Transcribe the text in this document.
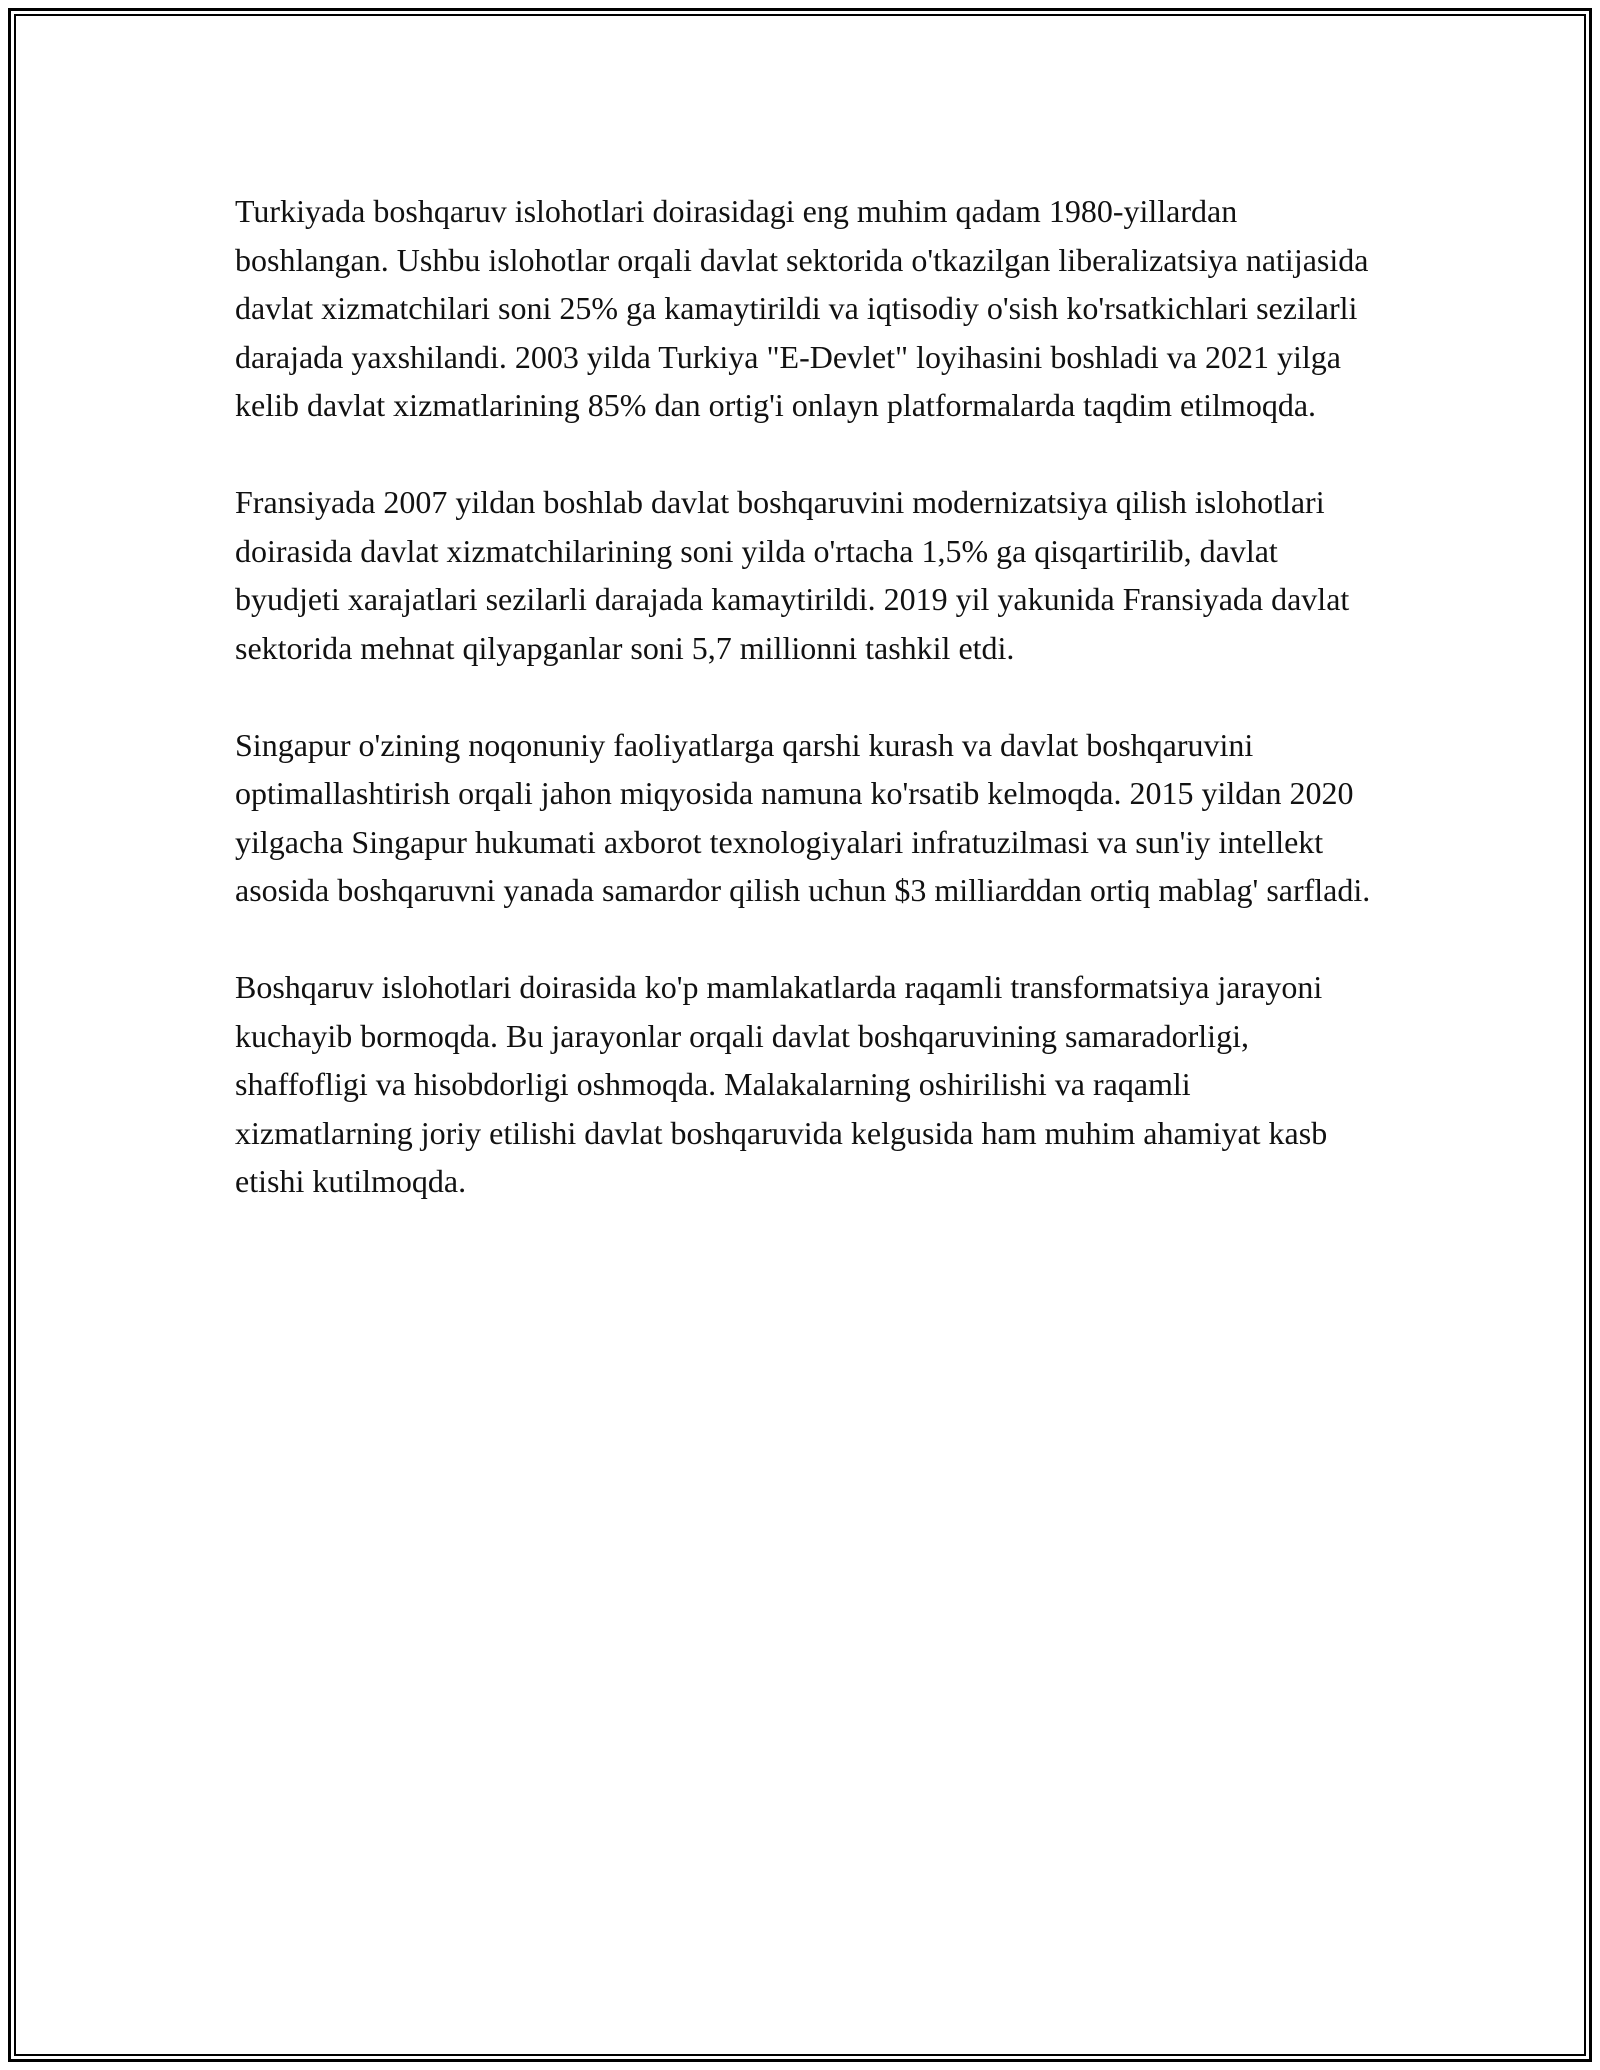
Turkiyada boshqaruv islohotlari doirasidagi eng muhim qadam 1980-yillardan boshlangan. Ushbu islohotlar orqali davlat sektorida o'tkazilgan liberalizatsiya natijasida davlat xizmatchilari soni 25% ga kamaytirildi va iqtisodiy o'sish ko'rsatkichlari sezilarli darajada yaxshilandi. 2003 yilda Turkiya "E-Devlet" loyihasini boshladi va 2021 yilga kelib davlat xizmatlarining 85% dan ortig'i onlayn platformalarda taqdim etilmoqda.

Fransiyada 2007 yildan boshlab davlat boshqaruvini modernizatsiya qilish islohotlari doirasida davlat xizmatchilarining soni yilda o'rtacha 1,5% ga qisqartirilib, davlat byudjeti xarajatlari sezilarli darajada kamaytirildi. 2019 yil yakunida Fransiyada davlat sektorida mehnat qilyapganlar soni 5,7 millionni tashkil etdi.

Singapur o'zining noqonuniy faoliyatlarga qarshi kurash va davlat boshqaruvini optimallashtirish orqali jahon miqyosida namuna ko'rsatib kelmoqda. 2015 yildan 2020 yilgacha Singapur hukumati axborot texnologiyalari infratuzilmasi va sun'iy intellekt asosida boshqaruvni yanada samardor qilish uchun $3 milliarddan ortiq mablag' sarfladi.

Boshqaruv islohotlari doirasida ko'p mamlakatlarda raqamli transformatsiya jarayoni kuchayib bormoqda. Bu jarayonlar orqali davlat boshqaruvining samaradorligi, shaffofligi va hisobdorligi oshmoqda. Malakalarning oshirilishi va raqamli xizmatlarning joriy etilishi davlat boshqaruvida kelgusida ham muhim ahamiyat kasb etishi kutilmoqda.
